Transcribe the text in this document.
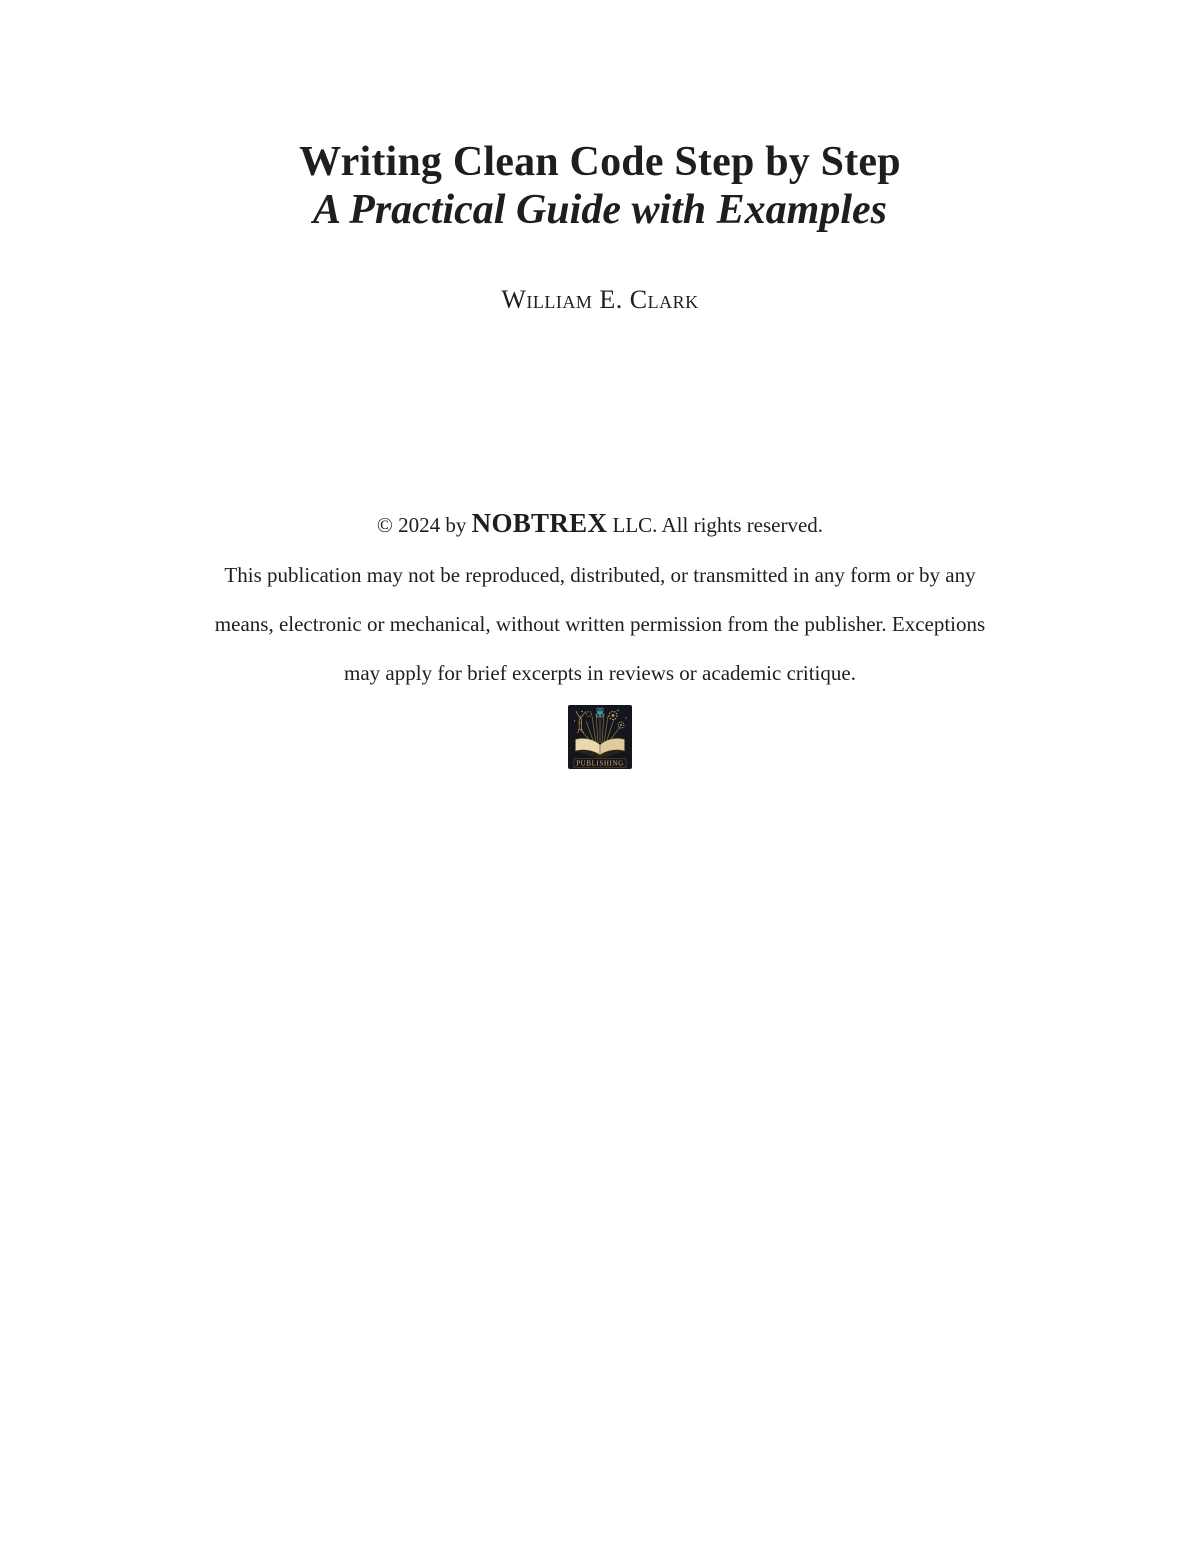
Writing Clean Code Step by Step
A Practical Guide with Examples
William E. Clark
© 2024 by NOBTREX LLC. All rights reserved.
This publication may not be reproduced, distributed, or transmitted in any form or by any
means, electronic or mechanical, without written permission from the publisher. Exceptions
may apply for brief excerpts in reviews or academic critique.
PUBLISHING
